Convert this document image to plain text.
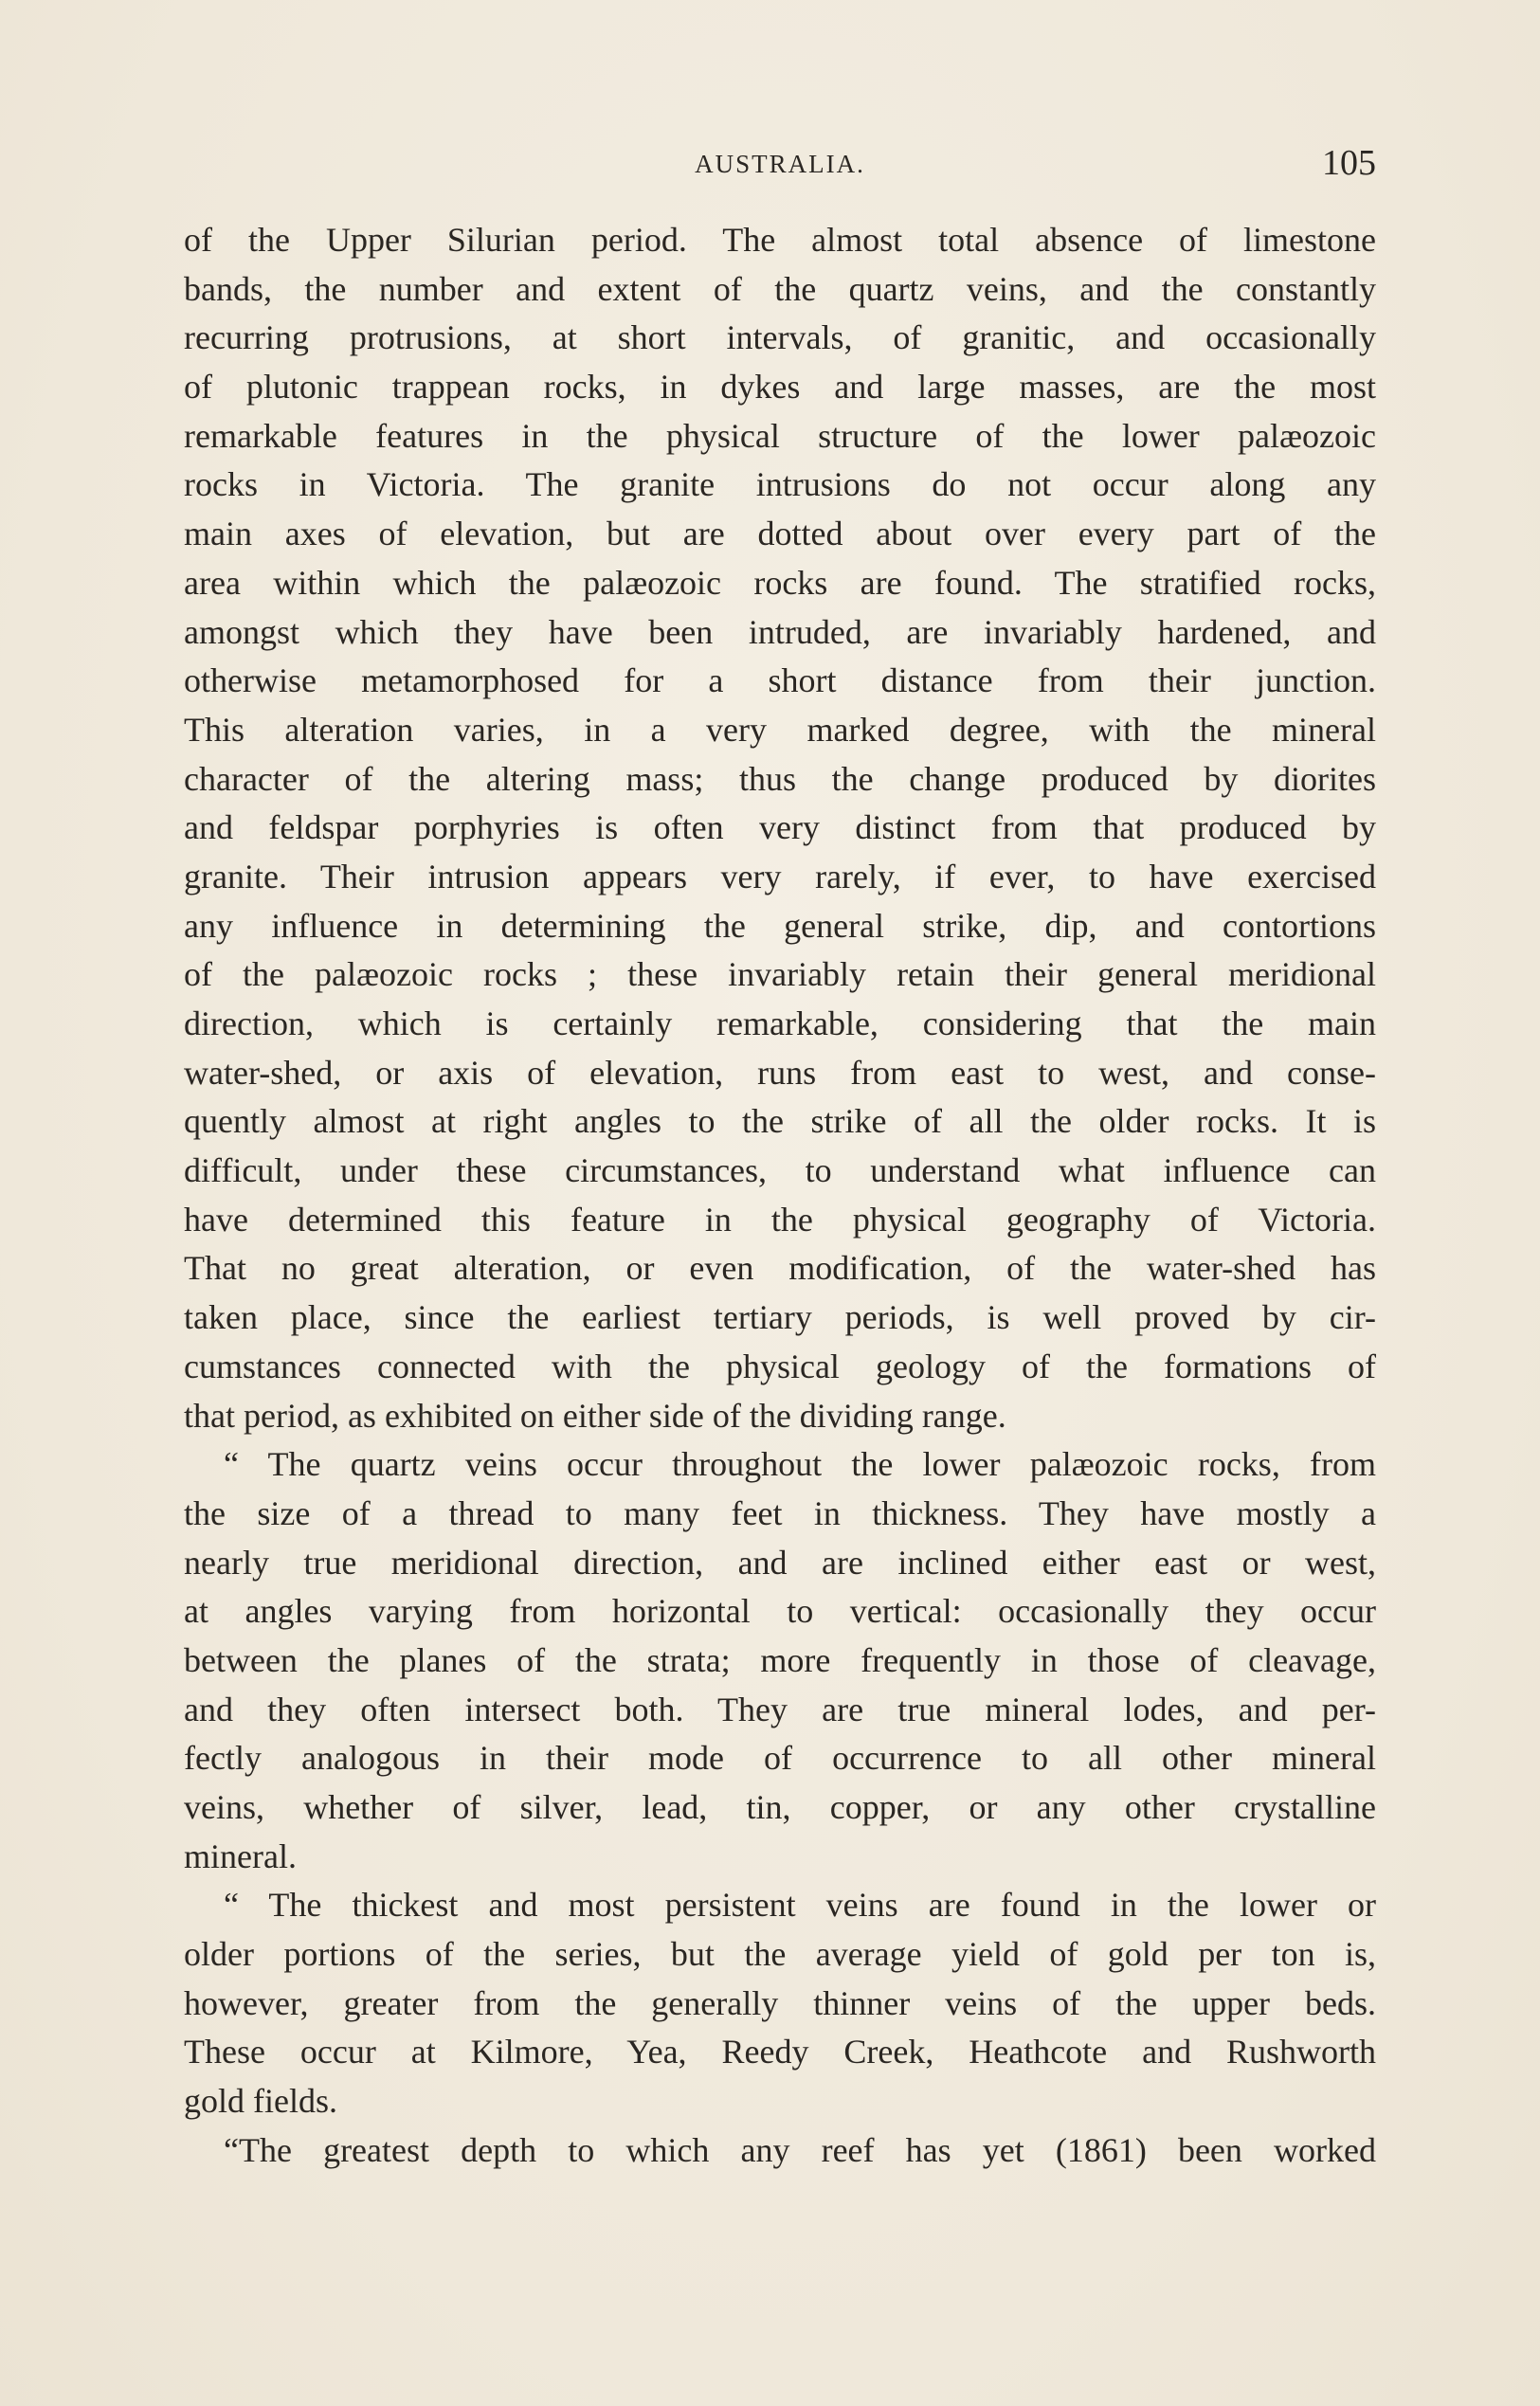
AUSTRALIA.	105
of the Upper Silurian period. The almost total absence of limestone
bands, the number and extent of the quartz veins, and the constantly
recurring protrusions, at short intervals, of granitic, and occasionally
of plutonic trappean rocks, in dykes and large masses, are the most
remarkable features in the physical structure of the lower palæozoic
rocks in Victoria. The granite intrusions do not occur along any
main axes of elevation, but are dotted about over every part of the
area within which the palæozoic rocks are found. The stratified rocks,
amongst which they have been intruded, are invariably hardened, and
otherwise metamorphosed for a short distance from their junction.
This alteration varies, in a very marked degree, with the mineral
character of the altering mass; thus the change produced by diorites
and feldspar porphyries is often very distinct from that produced by
granite. Their intrusion appears very rarely, if ever, to have exercised
any influence in determining the general strike, dip, and contortions
of the palæozoic rocks ; these invariably retain their general meridional
direction, which is certainly remarkable, considering that the main
water-shed, or axis of elevation, runs from east to west, and conse-
quently almost at right angles to the strike of all the older rocks. It is
difficult, under these circumstances, to understand what influence can
have determined this feature in the physical geography of Victoria.
That no great alteration, or even modification, of the water-shed has
taken place, since the earliest tertiary periods, is well proved by cir-
cumstances connected with the physical geology of the formations of
that period, as exhibited on either side of the dividing range.
“ The quartz veins occur throughout the lower palæozoic rocks, from
the size of a thread to many feet in thickness. They have mostly a
nearly true meridional direction, and are inclined either east or west,
at angles varying from horizontal to vertical: occasionally they occur
between the planes of the strata; more frequently in those of cleavage,
and they often intersect both. They are true mineral lodes, and per-
fectly analogous in their mode of occurrence to all other mineral
veins, whether of silver, lead, tin, copper, or any other crystalline
mineral.
“ The thickest and most persistent veins are found in the lower or
older portions of the series, but the average yield of gold per ton is,
however, greater from the generally thinner veins of the upper beds.
These occur at Kilmore, Yea, Reedy Creek, Heathcote and Rushworth
gold fields.
“The greatest depth to which any reef has yet (1861) been worked
